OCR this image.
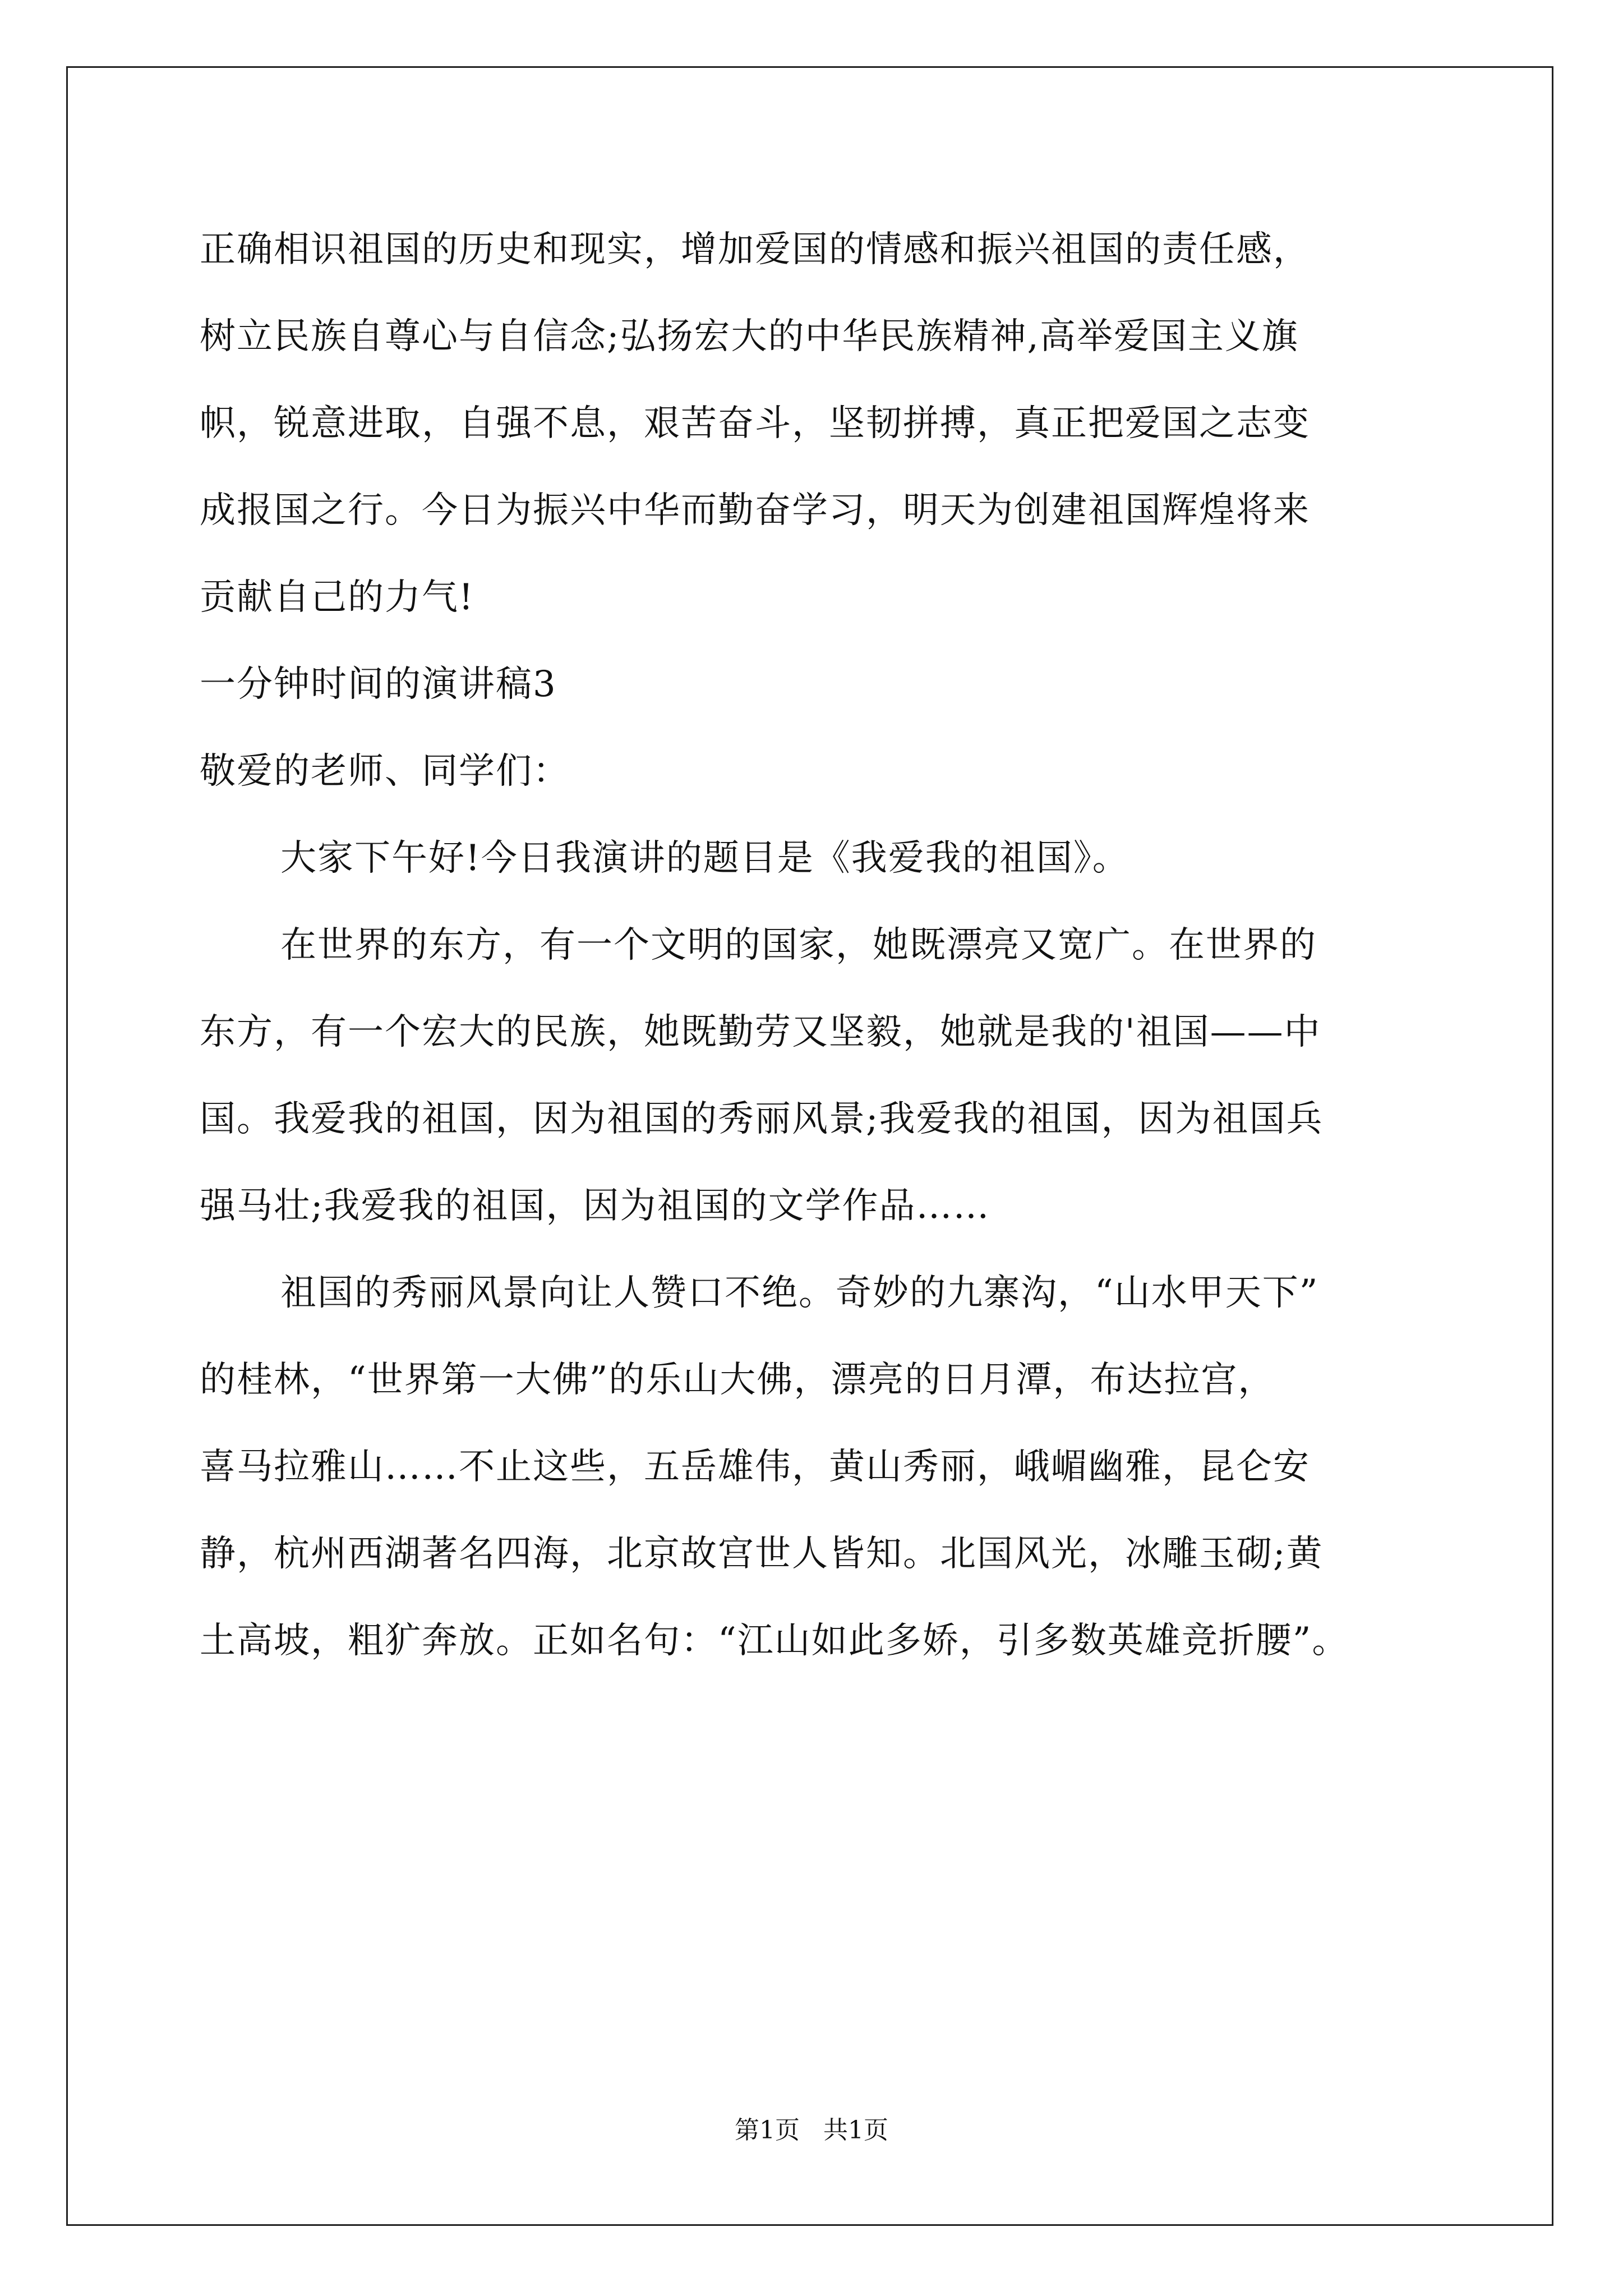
正确相识祖国的历史和现实，增加爱国的情感和振兴祖国的责任感，
树立民族自尊心与自信念;弘扬宏大的中华民族精神,高举爱国主义旗
帜，锐意进取，自强不息，艰苦奋斗，坚韧拼搏，真正把爱国之志变
成报国之行。今日为振兴中华而勤奋学习，明天为创建祖国辉煌将来
贡献自己的力气!
一分钟时间的演讲稿3
敬爱的老师、同学们：
大家下午好!今日我演讲的题目是《我爱我的祖国》。
在世界的东方，有一个文明的国家，她既漂亮又宽广。在世界的
东方，有一个宏大的民族，她既勤劳又坚毅，她就是我的'祖国——中
国。我爱我的祖国，因为祖国的秀丽风景;我爱我的祖国，因为祖国兵
强马壮;我爱我的祖国，因为祖国的文学作品……
祖国的秀丽风景向让人赞口不绝。奇妙的九寨沟，“山水甲天下”
的桂林，“世界第一大佛”的乐山大佛，漂亮的日月潭，布达拉宫，
喜马拉雅山……不止这些，五岳雄伟，黄山秀丽，峨嵋幽雅，昆仑安
静，杭州西湖著名四海，北京故宫世人皆知。北国风光，冰雕玉砌;黄
土高坡，粗犷奔放。正如名句：“江山如此多娇，引多数英雄竞折腰”。
第1页   共1页
